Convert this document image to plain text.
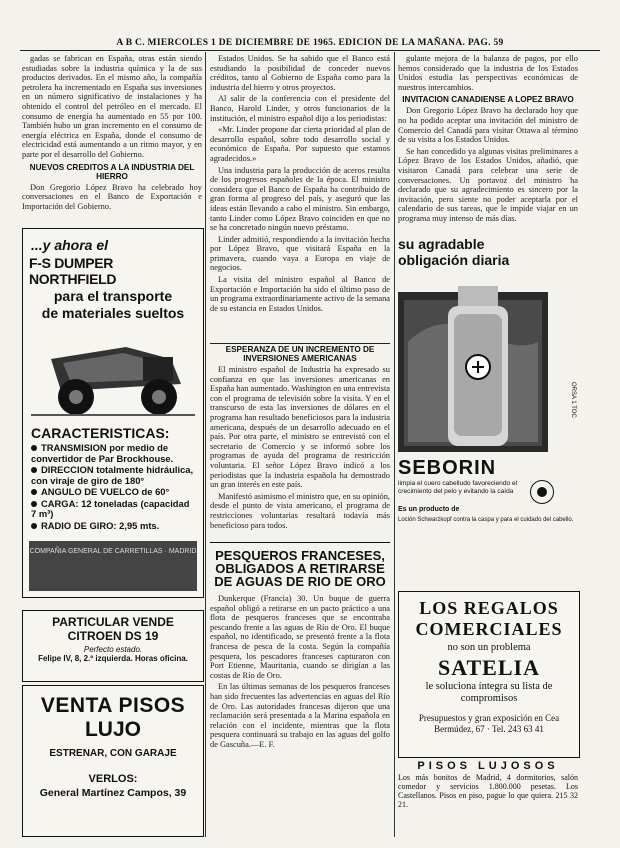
A B C. MIERCOLES 1 DE DICIEMBRE DE 1965. EDICION DE LA MAÑANA. PAG. 59

gadas se fabrican en España, otras están siendo estudiadas sobre la industria química y la de sus productos derivados. En el mismo año, la compañía petrolera ha incrementado en España sus inversiones en un número significativo de instalaciones y ha obtenido el control del petróleo en el mercado. El consumo de energía ha aumentado en 55 por 100. También hubo un gran incremento en el consumo de energía eléctrica en España, donde el consumo de electricidad está aumentando a un ritmo mayor, y en parte por el desarrollo del Gobierno.

NUEVOS CREDITOS A LA INDUSTRIA DEL HIERRO

Don Gregorio López Bravo ha celebrado hoy conversaciones en el Banco de Exportación e Importación del Gobierno.

...y ahora el
F-S DUMPER NORTHFIELD
para el transporte
de materiales sueltos
CARACTERISTICAS:
TRANSMISION por medio de convertidor de Par Brockhouse.
DIRECCION totalmente hidráulica, con viraje de giro de 180°
ANGULO DE VUELCO de 60°
CARGA: 12 toneladas (capacidad 7 m³)
RADIO DE GIRO: 2,95 mts.
COMPAÑIA GENERAL DE CARRETILLAS · MADRID
PARTICULAR VENDE
CITROEN DS 19
Perfecto estado.
Felipe IV, 8, 2.º izquierda. Horas oficina.
VENTA PISOS
LUJO
ESTRENAR, CON GARAJE
VERLOS:
General Martínez Campos, 39

Estados Unidos. Se ha sabido que el Banco está estudiando la posibilidad de conceder nuevos créditos, tanto al Gobierno de España como para la industria del hierro y otros proyectos.

Al salir de la conferencia con el presidente del Banco, Harold Linder, y otros funcionarios de la institución, el ministro español dijo a los periodistas:

«Mr. Linder propone dar cierta prioridad al plan de desarrollo español, sobre todo desarrollo social y económico de España. Por supuesto que estamos agradecidos.»

Una industria para la producción de aceros resulta de los progresos españoles de la época. El ministro considera que el Banco de España ha contribuido de gran forma al progreso del país, y aseguró que las ideas están llevando a cabo el ministro. Sin embargo, tanto Linder como López Bravo coinciden en que no se ha concretado ningún nuevo préstamo.

Linder admitió, respondiendo a la invitación hecha por López Bravo, que visitará España en la primavera, cuando vaya a Europa en viaje de negocios.

La visita del ministro español al Banco de Exportación e Importación ha sido el último paso de un programa extraordinariamente activo de la semana de su estancia en Estados Unidos.

ESPERANZA DE UN INCREMENTO DE INVERSIONES AMERICANAS

El ministro español de Industria ha expresado su confianza en que las inversiones americanas en España han aumentado. Washington en una entrevista con el programa de televisión sobre la visita. Y en el transcurso de esta las inversiones de dólares en el programa han resultado beneficiosos para la industria americana, después de un desarrollo adecuado en el país. Por otra parte, el ministro se entrevistó con el secretario de Comercio y se informó sobre los programas de ayuda del programa de restricción voluntaria. El señor López Bravo indicó a los periodistas que la industria española ha demostrado un gran interés en este país.

Manifestó asimismo el ministro que, en su opinión, desde el punto de vista americano, el programa de restricciones voluntarias resultará todavía más beneficioso para todos.

PESQUEROS FRANCESES, OBLIGADOS A RETIRARSE DE AGUAS DE RIO DE ORO

Dunkerque (Francia) 30. Un buque de guerra español obligó a retirarse en un pacto práctico a una flota de pesqueros franceses que se encontraba pescando frente a las aguas de Río de Oro. El buque español, no identificado, se presentó frente a la flota francesa de pesca de la costa. Según la compañía pesquera, los pescadores franceses capturaron con Port Etienne, Mauritania, cuando se dirigían a las costas de Río de Oro.

En las últimas semanas de los pesqueros franceses han sido frecuentes las advertencias en aguas del Río de Oro. Las autoridades francesas dijeron que una reclamación será presentada a la Marina española en relación con el incidente, mientras que la flota pesquera continuará su trabajo en las aguas del golfo de Gascuña.—E. F.

gulante mejora de la balanza de pagos, por ello hemos considerado que la industria de los Estados Unidos estudia las perspectivas económicas de nuestros intercambios.

INVITACION CANADIENSE A LOPEZ BRAVO

Don Gregorio López Bravo ha declarado hoy que no ha podido aceptar una invitación del ministro de Comercio del Canadá para visitar Ottawa al término de su visita a los Estados Unidos.

Se han concedido ya algunas visitas preliminares a López Bravo de los Estados Unidos, añadió, que visitaron Canadá para celebrar una serie de conversaciones. Un portavoz del ministro ha declarado que su agradecimiento es sincero por la invitación, pero siente no poder aceptarla por el calendario de sus tareas, que le impide viajar en un programa muy intenso de más días.

su agradable
obligación diaria
ORSA 1 TOC
SEBORIN
limpia el cuero cabelludo favoreciendo el crecimiento del pelo y evitando la caída
Es un producto de
Loción Schwarzkopf contra la caspa y para el cuidado del cabello.
LOS REGALOS
COMERCIALES
no son un problema
SATELIA
le soluciona íntegra su lista de compromisos
Presupuestos y gran exposición en Cea Bermúdez, 67 · Tel. 243 63 41
PISOS LUJOSOS
Los más bonitos de Madrid, 4 dormitorios, salón comedor y servicios 1.800.000 pesetas. Los Castellanos. Pisos en piso, pague lo que quiera. 215 32 21.
